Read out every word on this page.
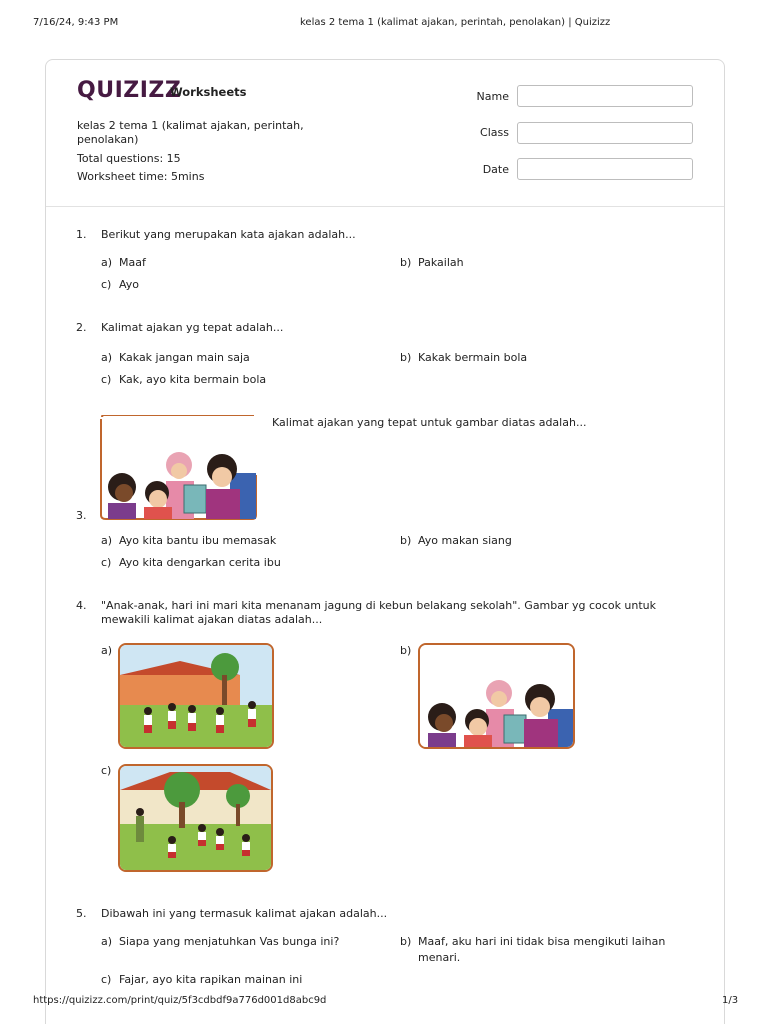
7/16/24, 9:43 PM	kelas 2 tema 1 (kalimat ajakan, perintah, penolakan) | Quizizz
QUIZIZZ
Worksheets
kelas 2 tema 1 (kalimat ajakan, perintah, penolakan)
Total questions: 15
Worksheet time: 5mins
Name
Class
Date
1. Berikut yang merupakan kata ajakan adalah...
a) Maaf	b) Pakailah
c) Ayo
2. Kalimat ajakan yg tepat adalah...
a) Kakak jangan main saja	b) Kakak bermain bola
c) Kak, ayo kita bermain bola
Kalimat ajakan yang tepat untuk gambar diatas adalah...
3.
a) Ayo kita bantu ibu memasak	b) Ayo makan siang
c) Ayo kita dengarkan cerita ibu
4. "Anak-anak, hari ini mari kita menanam jagung di kebun belakang sekolah". Gambar yg cocok untuk mewakili kalimat ajakan diatas adalah...
a)	b)
c)
5. Dibawah ini yang termasuk kalimat ajakan adalah...
a) Siapa yang menjatuhkan Vas bunga ini?	b) Maaf, aku hari ini tidak bisa mengikuti laihan menari.
c) Fajar, ayo kita rapikan mainan ini
https://quizizz.com/print/quiz/5f3cdbdf9a776d001d8abc9d	1/3
